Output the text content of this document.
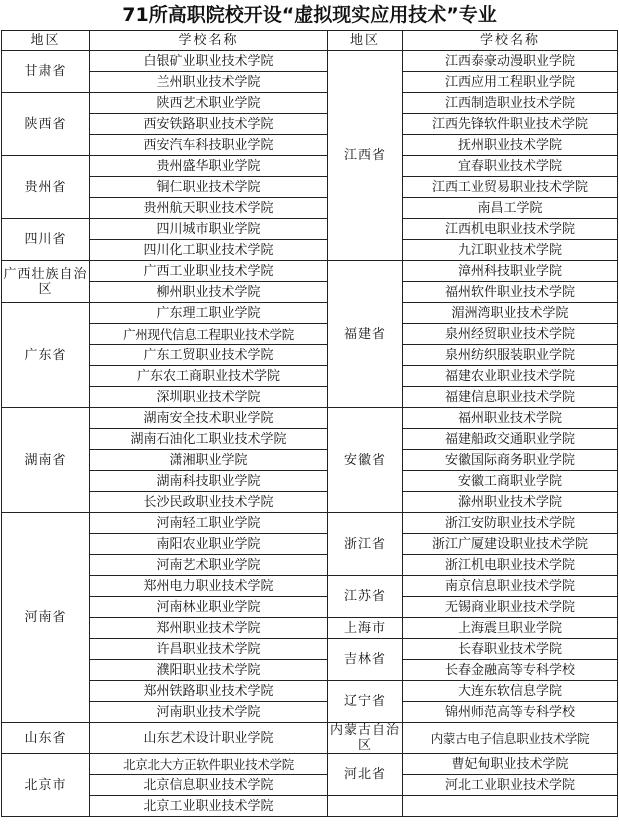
71所高职院校开设“虚拟现实应用技术”专业
地区	学校名称	地区	学校名称
甘肃省	白银矿业职业技术学院	江西省	江西泰豪动漫职业学院
	兰州职业技术学院		江西应用工程职业学院
陕西省	陕西艺术职业学院		江西制造职业技术学院
	西安铁路职业技术学院		江西先锋软件职业技术学院
	西安汽车科技职业学院		抚州职业技术学院
贵州省	贵州盛华职业学院		宜春职业技术学院
	铜仁职业技术学院		江西工业贸易职业技术学院
	贵州航天职业技术学院		南昌工学院
四川省	四川城市职业学院		江西机电职业技术学院
	四川化工职业技术学院		九江职业技术学院
广西壮族自治区	广西工业职业技术学院	福建省	漳州科技职业学院
	柳州职业技术学院		福州软件职业技术学院
广东省	广东理工职业学院		湄洲湾职业技术学院
	广州现代信息工程职业技术学院		泉州经贸职业技术学院
	广东工贸职业技术学院		泉州纺织服装职业学院
	广东农工商职业技术学院		福建农业职业技术学院
	深圳职业技术学院		福建信息职业技术学院
湖南省	湖南安全技术职业学院	安徽省	福州职业技术学院
	湖南石油化工职业技术学院		福建船政交通职业学院
	潇湘职业学院		安徽国际商务职业学院
	湖南科技职业学院		安徽工商职业学院
	长沙民政职业技术学院		滁州职业技术学院
河南省	河南轻工职业学院	浙江省	浙江安防职业技术学院
	南阳农业职业学院		浙江广厦建设职业技术学院
	河南艺术职业学院		浙江机电职业技术学院
	郑州电力职业技术学院	江苏省	南京信息职业技术学院
	河南林业职业学院		无锡商业职业技术学院
	郑州职业技术学院	上海市	上海震旦职业学院
	许昌职业技术学院	吉林省	长春职业技术学院
	濮阳职业技术学院		长春金融高等专科学校
	郑州铁路职业技术学院	辽宁省	大连东软信息学院
	河南职业技术学院		锦州师范高等专科学校
山东省	山东艺术设计职业学院	内蒙古自治区	内蒙古电子信息职业技术学院
北京市	北京北大方正软件职业技术学院	河北省	曹妃甸职业技术学院
	北京信息职业技术学院		河北工业职业技术学院
	北京工业职业技术学院		
